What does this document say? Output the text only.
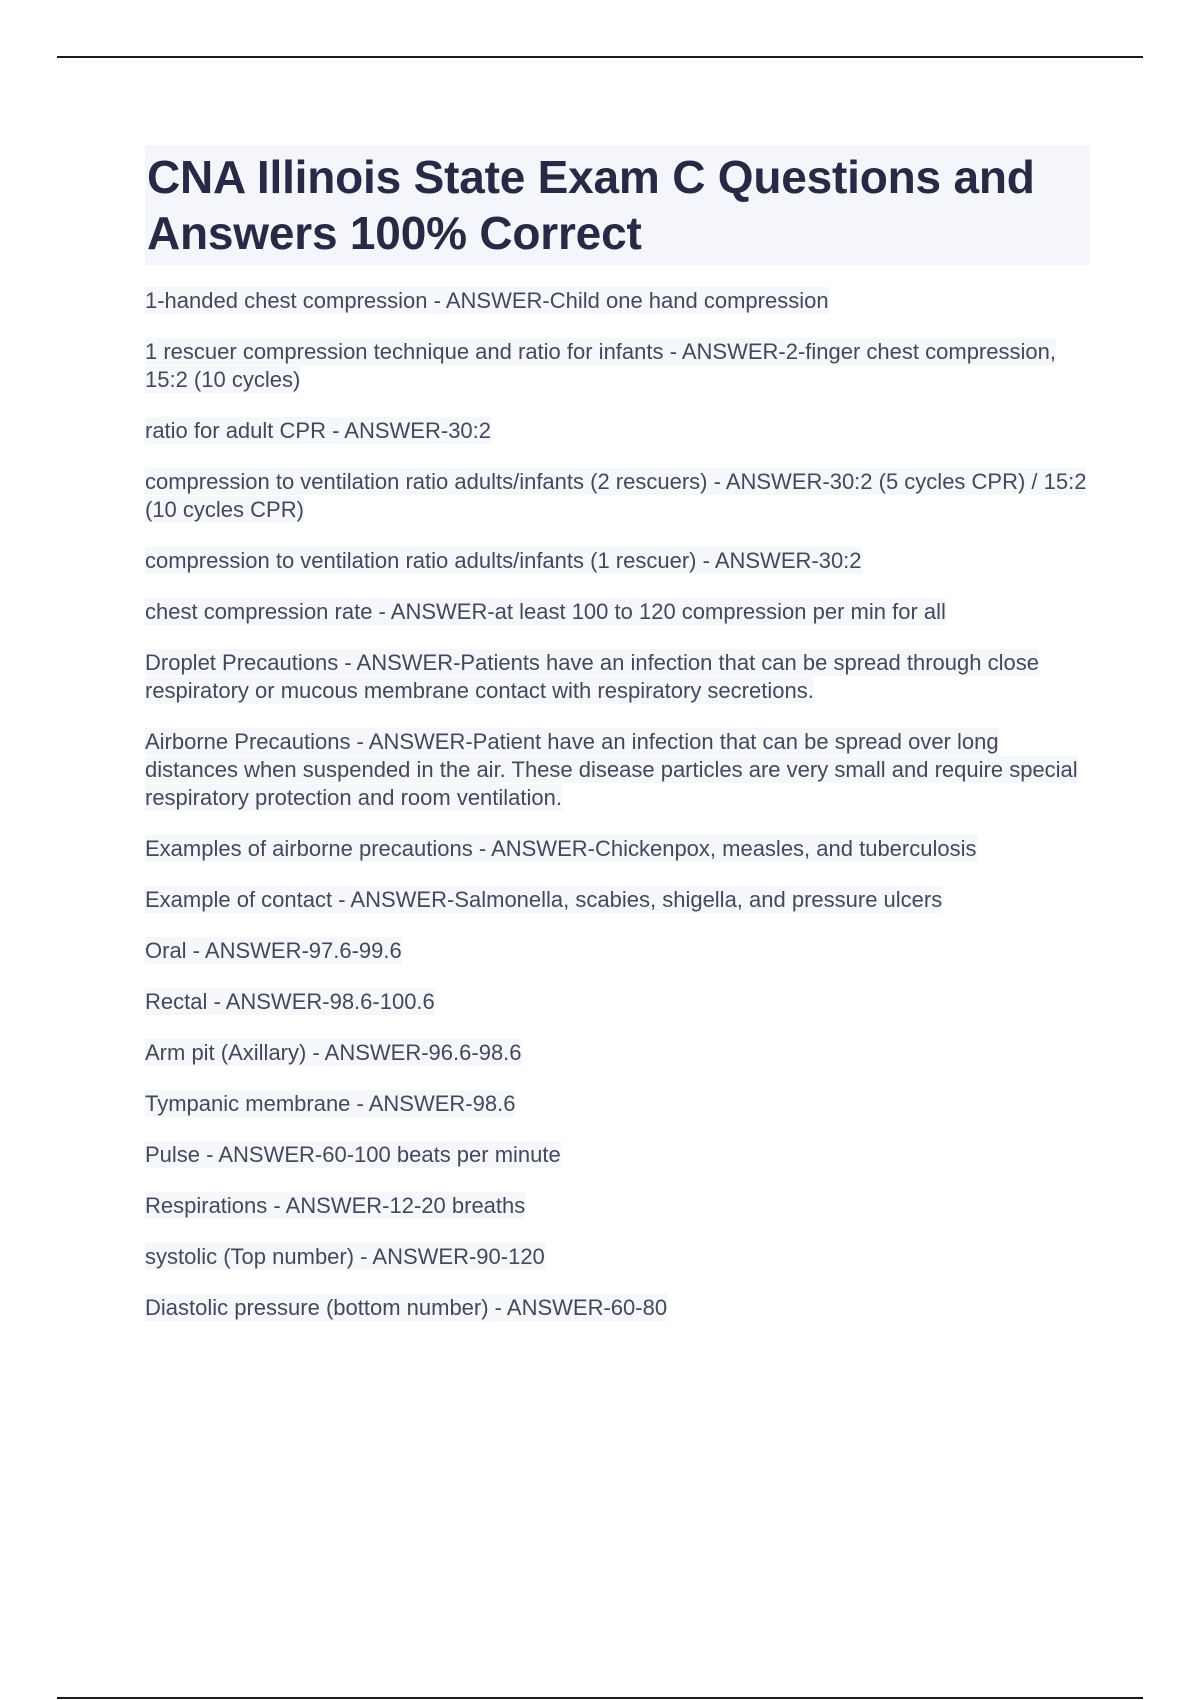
CNA Illinois State Exam C Questions and Answers 100% Correct
1-handed chest compression - ANSWER-Child one hand compression
1 rescuer compression technique and ratio for infants - ANSWER-2-finger chest compression, 15:2 (10 cycles)
ratio for adult CPR - ANSWER-30:2
compression to ventilation ratio adults/infants (2 rescuers) - ANSWER-30:2 (5 cycles CPR) / 15:2 (10 cycles CPR)
compression to ventilation ratio adults/infants (1 rescuer) - ANSWER-30:2
chest compression rate - ANSWER-at least 100 to 120 compression per min for all
Droplet Precautions - ANSWER-Patients have an infection that can be spread through close respiratory or mucous membrane contact with respiratory secretions.
Airborne Precautions - ANSWER-Patient have an infection that can be spread over long distances when suspended in the air. These disease particles are very small and require special respiratory protection and room ventilation.
Examples of airborne precautions - ANSWER-Chickenpox, measles, and tuberculosis
Example of contact - ANSWER-Salmonella, scabies, shigella, and pressure ulcers
Oral - ANSWER-97.6-99.6
Rectal - ANSWER-98.6-100.6
Arm pit (Axillary) - ANSWER-96.6-98.6
Tympanic membrane - ANSWER-98.6
Pulse - ANSWER-60-100 beats per minute
Respirations - ANSWER-12-20 breaths
systolic (Top number) - ANSWER-90-120
Diastolic pressure (bottom number) - ANSWER-60-80
